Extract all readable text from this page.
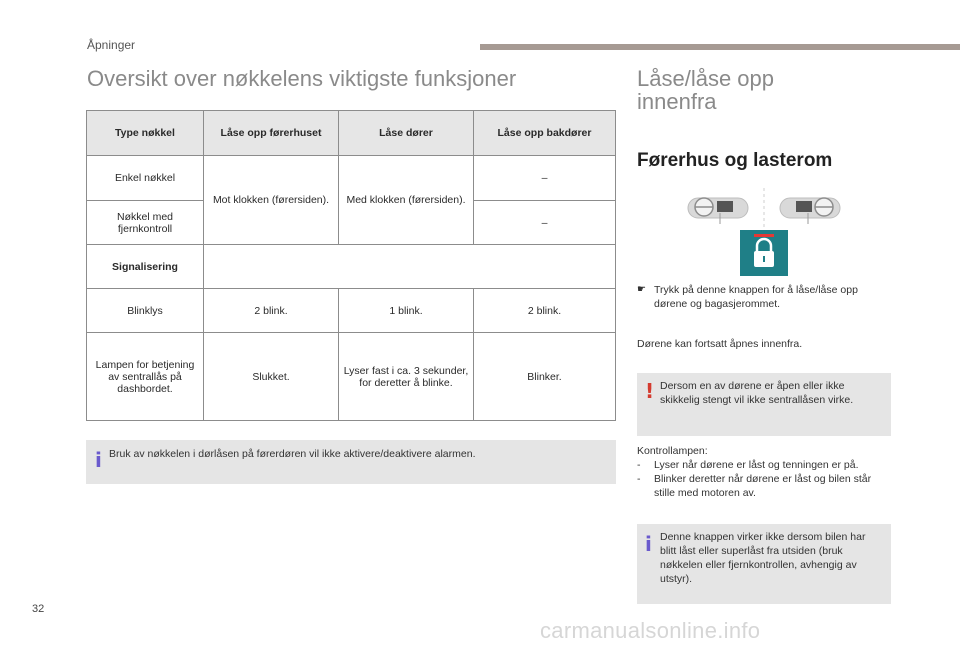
Åpninger
Oversikt over nøkkelens viktigste funksjoner
Type nøkkel	Låse opp førerhuset	Låse dører	Låse opp bakdører
Enkel nøkkel	Mot klokken (førersiden).	Med klokken (førersiden).	–
Nøkkel med fjernkontroll			–
Signalisering			
Blinklys	2 blink.	1 blink.	2 blink.
Lampen for betjening av sentrallås på dashbordet.	Slukket.	Lyser fast i ca. 3 sekunder, for deretter å blinke.	Blinker.
i Bruk av nøkkelen i dørlåsen på førerdøren vil ikke aktivere/deaktivere alarmen.
Låse/låse opp innenfra
Førerhus og lasterom
☛ Trykk på denne knappen for å låse/låse opp dørene og bagasjerommet.
Dørene kan fortsatt åpnes innenfra.
! Dersom en av dørene er åpen eller ikke skikkelig stengt vil ikke sentrallåsen virke.
Kontrollampen:
- Lyser når dørene er låst og tenningen er på.
- Blinker deretter når dørene er låst og bilen står stille med motoren av.
i Denne knappen virker ikke dersom bilen har blitt låst eller superlåst fra utsiden (bruk nøkkelen eller fjernkontrollen, avhengig av utstyr).
32
carmanualsonline.info
